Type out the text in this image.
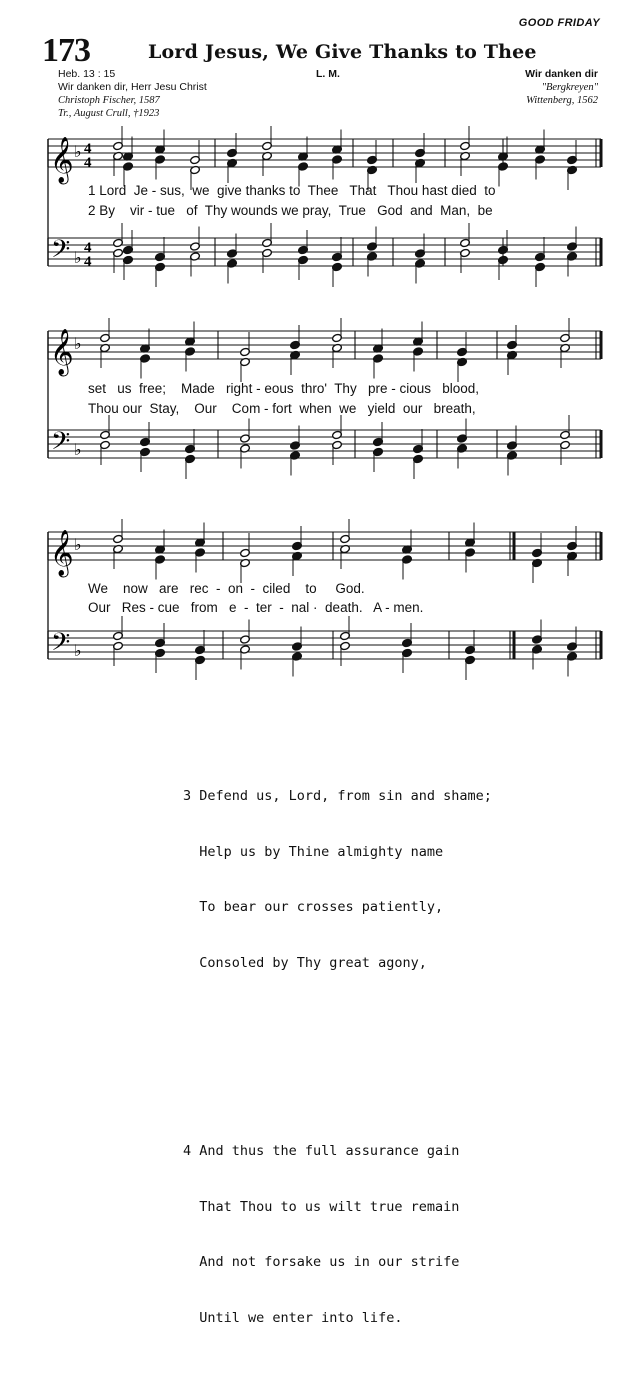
GOOD FRIDAY
173	Lord Jesus, We Give Thanks to Thee
Heb. 13 : 15
Wir danken dir, Herr Jesu Christ
Christoph Fischer, 1587
Tr., August Crull, †1923
L. M.	Wir danken dir
"Bergkreyen"
Wittenberg, 1562
𝄞 ♭ 4
4
𝄢 ♭ 4
4
𝄞 ♭
𝄢 ♭
𝄞 ♭
𝄢 ♭
1 Lord  Je - sus,  we  give thanks to  Thee   That   Thou hast died  to
2 By    vir - tue   of  Thy wounds we pray,  True   God  and  Man,  be
set   us  free;    Made   right - eous  thro'  Thy   pre - cious   blood,
Thou our  Stay,    Our    Com - fort  when  we   yield  our   breath,
We    now   are   rec  -  on  -  ciled    to     God.
Our   Res - cue   from   e  -  ter  -  nal ·  death.   A - men.

3 Defend us, Lord, from sin and shame;

Help us by Thine almighty name

To bear our crosses patiently,

Consoled by Thy great agony,

4 And thus the full assurance gain

That Thou to us wilt true remain

And not forsake us in our strife

Until we enter into life.
